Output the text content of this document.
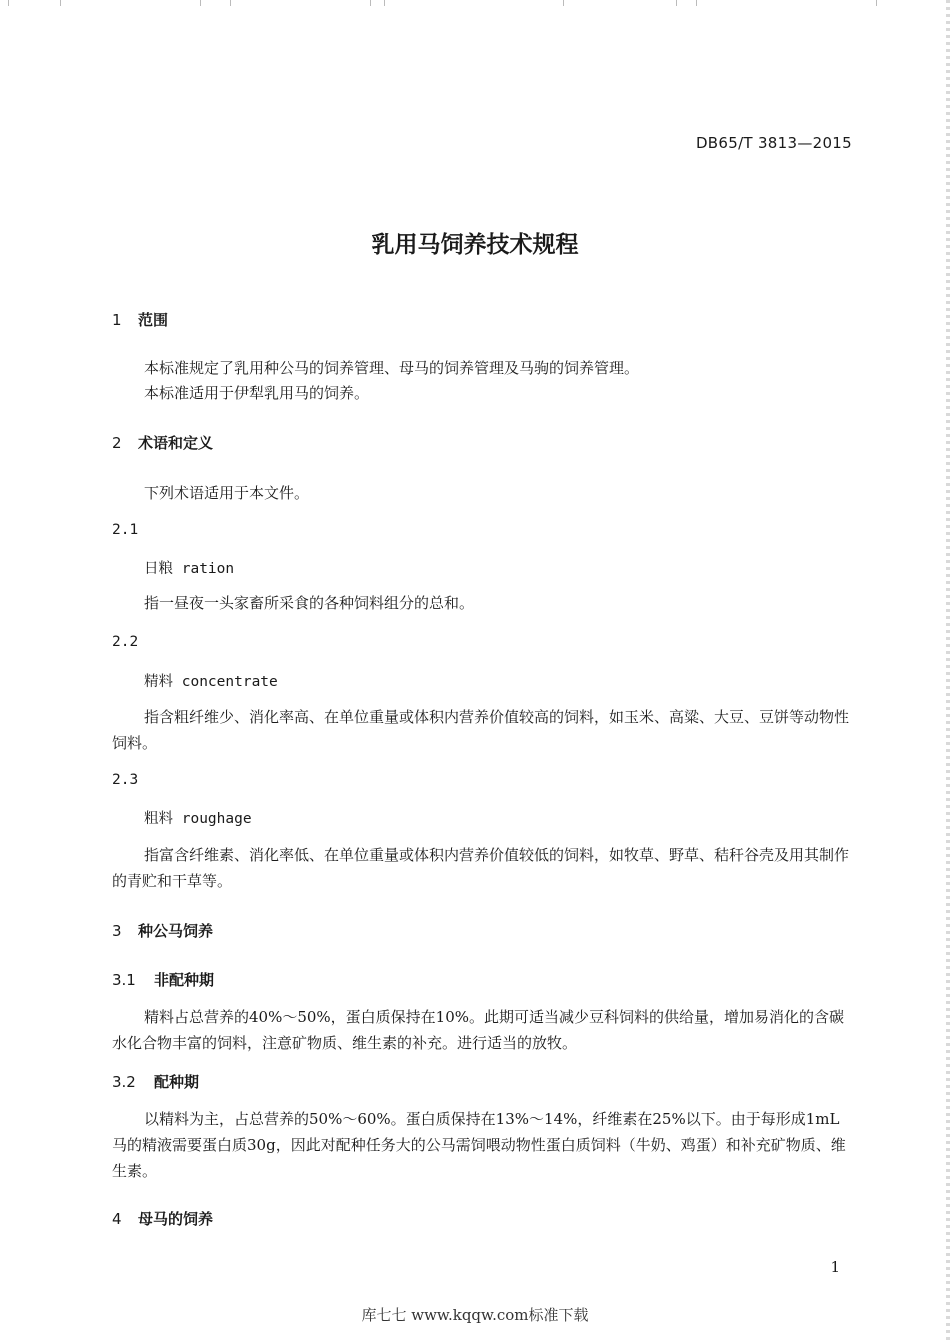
DB65/T 3813—2015
乳用马饲养技术规程
1 范围
本标准规定了乳用种公马的饲养管理、母马的饲养管理及马驹的饲养管理。
本标准适用于伊犁乳用马的饲养。
2 术语和定义
下列术语适用于本文件。
2.1
日粮 ration
指一昼夜一头家畜所采食的各种饲料组分的总和。
2.2
精料 concentrate
指含粗纤维少、消化率高、在单位重量或体积内营养价值较高的饲料，如玉米、高粱、大豆、豆饼等动物性饲料。
2.3
粗料 roughage
指富含纤维素、消化率低、在单位重量或体积内营养价值较低的饲料，如牧草、野草、秸秆谷壳及用其制作的青贮和干草等。
3 种公马饲养
3.1 非配种期
精料占总营养的40%～50%，蛋白质保持在10%。此期可适当减少豆科饲料的供给量，增加易消化的含碳水化合物丰富的饲料，注意矿物质、维生素的补充。进行适当的放牧。
3.2 配种期
以精料为主，占总营养的50%～60%。蛋白质保持在13%～14%，纤维素在25%以下。由于每形成1mL马的精液需要蛋白质30g，因此对配种任务大的公马需饲喂动物性蛋白质饲料（牛奶、鸡蛋）和补充矿物质、维生素。
4 母马的饲养
1
库七七 www.kqqw.com标准下载
